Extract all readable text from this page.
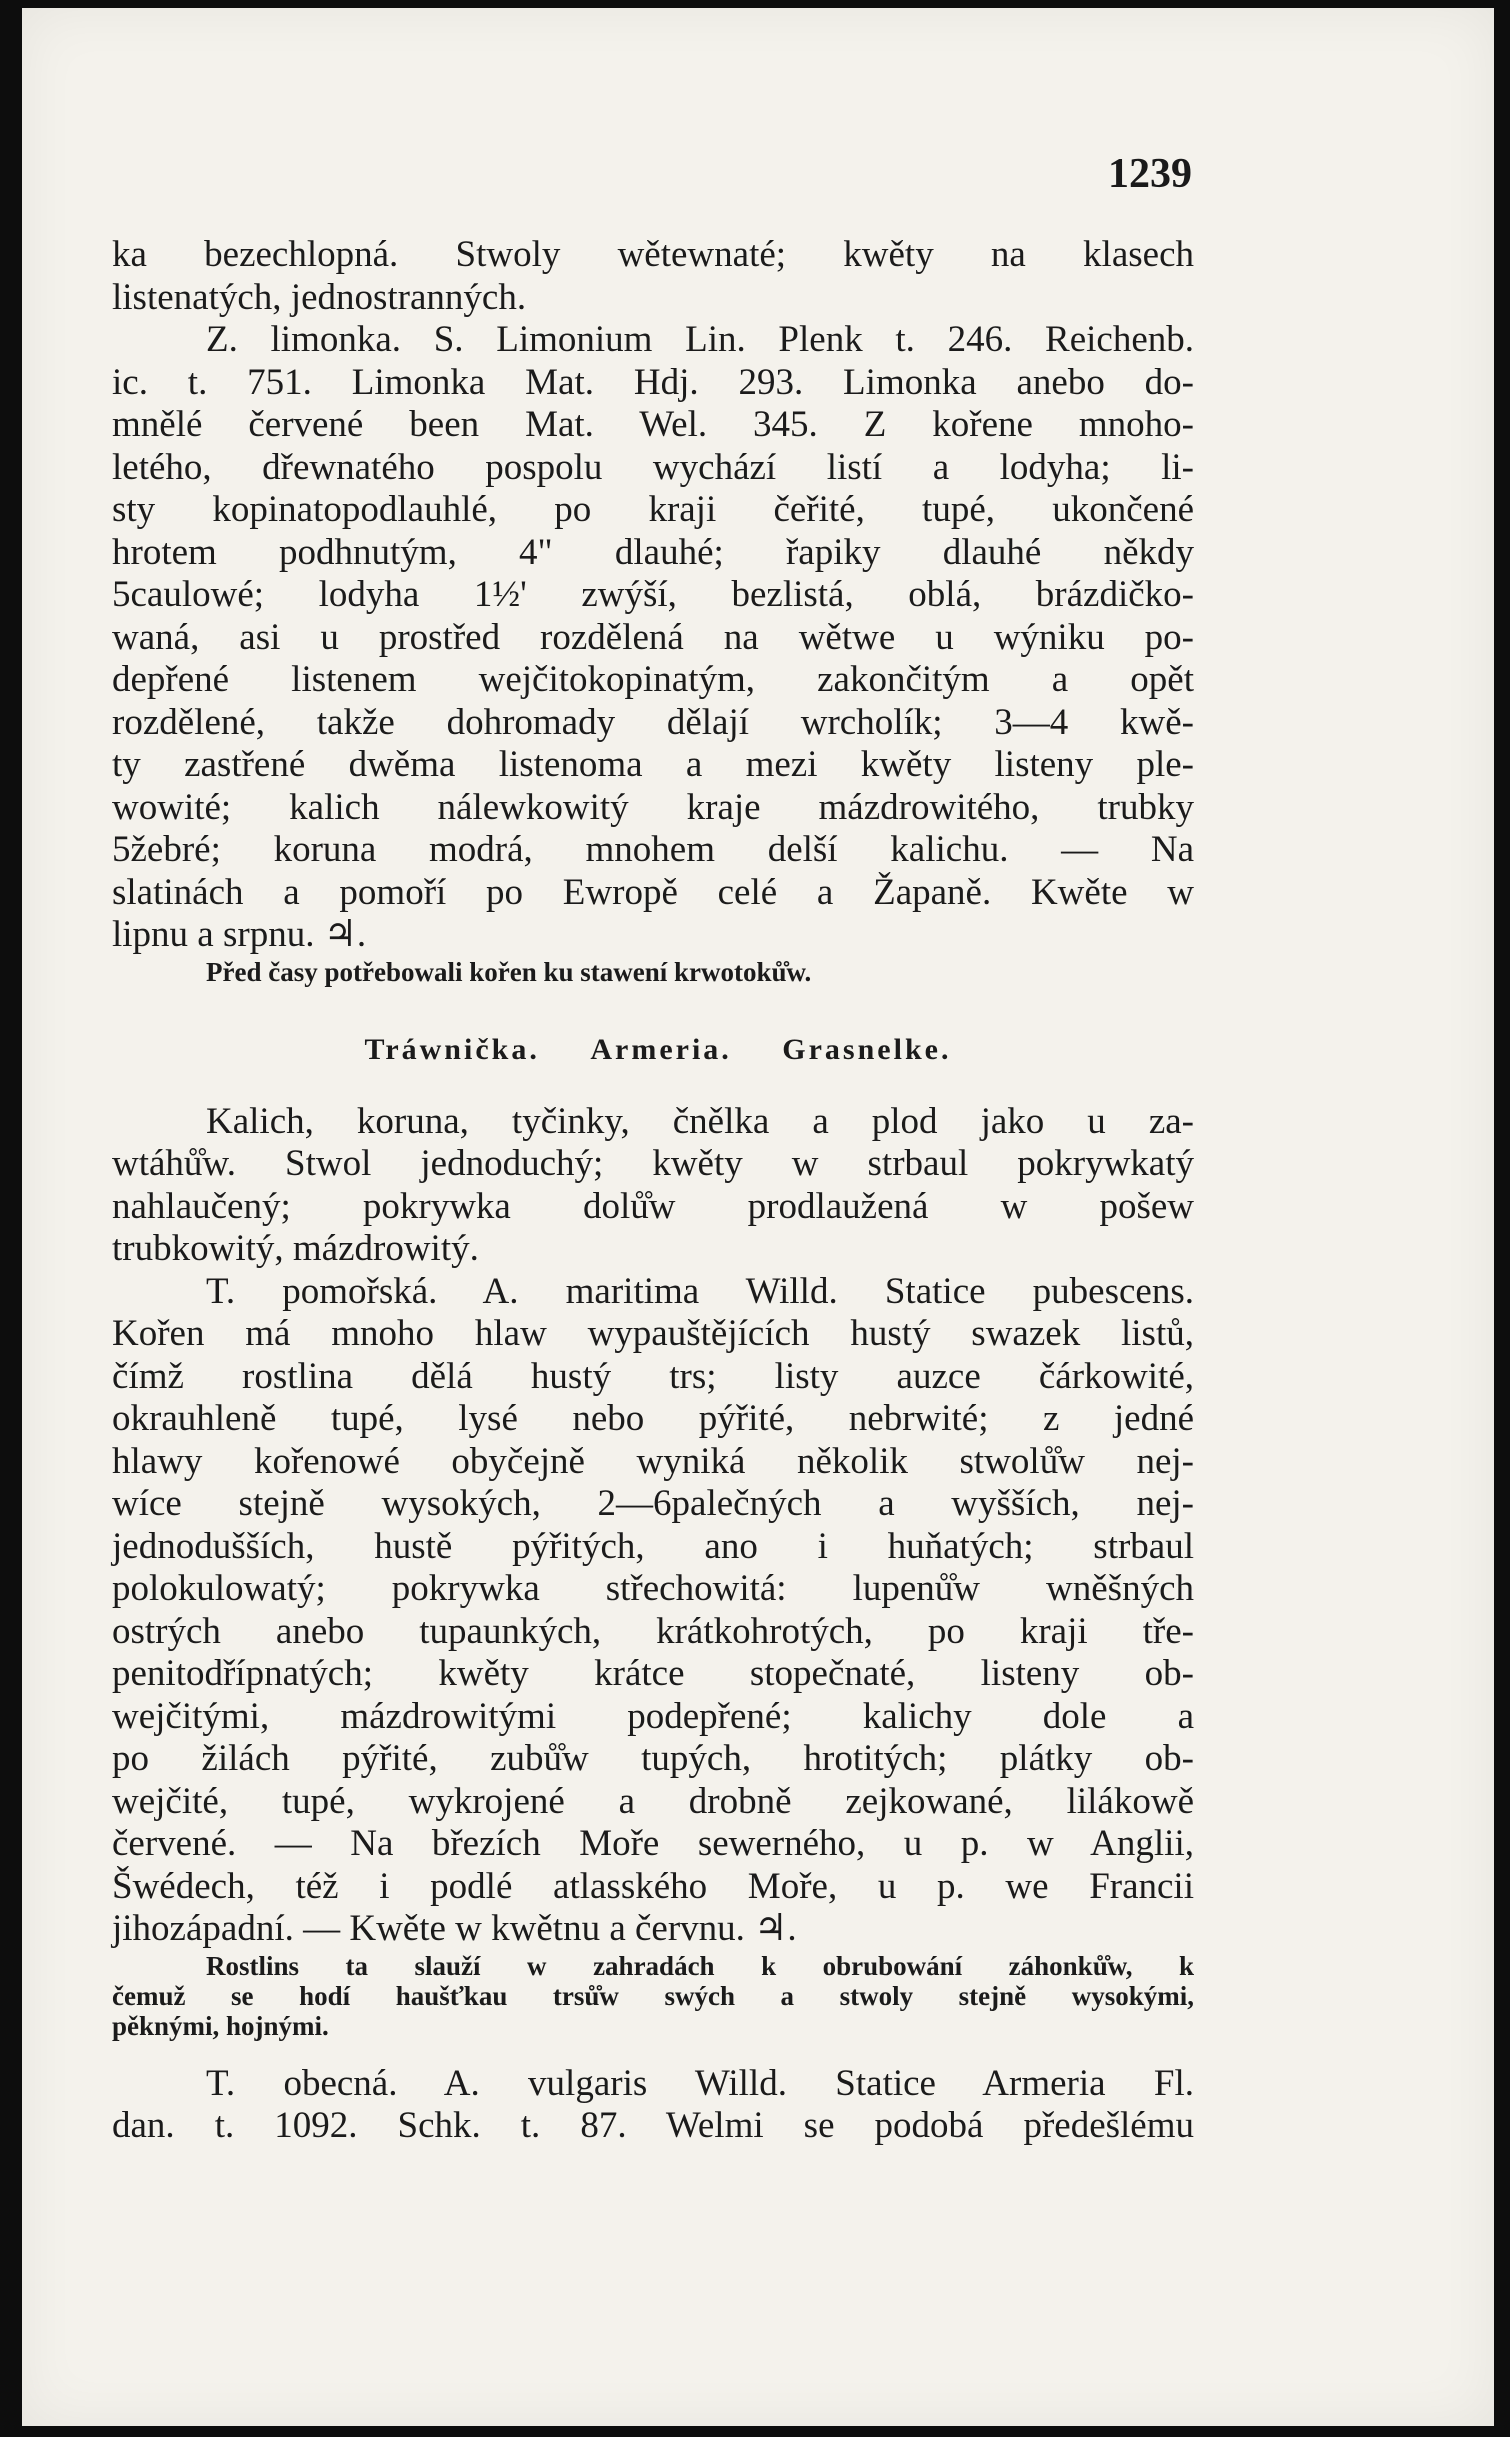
1239
ka bezechlopná. Stwoly wětewnaté; kwěty na klasech
listenatých, jednostranných.
Z. limonka. S. Limonium Lin. Plenk t. 246. Reichenb.
ic. t. 751. Limonka Mat. Hdj. 293. Limonka anebo do-
mnělé červené been Mat. Wel. 345. Z kořene mnoho-
letého, dřewnatého pospolu wychází listí a lodyha; li-
sty kopinatopodlauhlé, po kraji čeřité, tupé, ukončené
hrotem podhnutým, 4" dlauhé; řapiky dlauhé někdy
5caulowé; lodyha 1½' zwýší, bezlistá, oblá, brázdičko-
waná, asi u prostřed rozdělená na wětwe u wýniku po-
depřené listenem wejčitokopinatým, zakončitým a opět
rozdělené, takže dohromady dělají wrcholík; 3—4 kwě-
ty zastřené dwěma listenoma a mezi kwěty listeny ple-
wowité; kalich nálewkowitý kraje mázdrowitého, trubky
5žebré; koruna modrá, mnohem delší kalichu. — Na
slatinách a pomoří po Ewropě celé a Žapaně. Kwěte w
lipnu a srpnu. ♃.
Před časy potřebowali kořen ku stawení krwotoků̊w.
Tráwnička. Armeria. Grasnelke.
Kalich, koruna, tyčinky, čnělka a plod jako u za-
wtáhů̊w. Stwol jednoduchý; kwěty w strbaul pokrywkatý
nahlaučený; pokrywka dolů̊w prodlaužená w pošew
trubkowitý, mázdrowitý.
T. pomořská. A. maritima Willd. Statice pubescens.
Kořen má mnoho hlaw wypauštějících hustý swazek listů,
čímž rostlina dělá hustý trs; listy auzce čárkowité,
okrauhleně tupé, lysé nebo pýřité, nebrwité; z jedné
hlawy kořenowé obyčejně wyniká několik stwolů̊w nej-
wíce stejně wysokých, 2—6palečných a wyšších, nej-
jednodušších, hustě pýřitých, ano i huňatých; strbaul
polokulowatý; pokrywka střechowitá: lupenů̊w wněšných
ostrých anebo tupaunkých, krátkohrotých, po kraji tře-
penitodřípnatých; kwěty krátce stopečnaté, listeny ob-
wejčitými, mázdrowitými podepřené; kalichy dole a
po žilách pýřité, zubů̊w tupých, hrotitých; plátky ob-
wejčité, tupé, wykrojené a drobně zejkowané, lilákowě
červené. — Na březích Moře sewerného, u p. w Anglii,
Šwédech, též i podlé atlasského Moře, u p. we Francii
jihozápadní. — Kwěte w kwětnu a červnu. ♃.
Rostlins ta slauží w zahradách k obrubowání záhonků̊w, k
čemuž se hodí haušťkau trsů̊w swých a stwoly stejně wysokými,
pěknými, hojnými.
T. obecná. A. vulgaris Willd. Statice Armeria Fl.
dan. t. 1092. Schk. t. 87. Welmi se podobá předešlému
